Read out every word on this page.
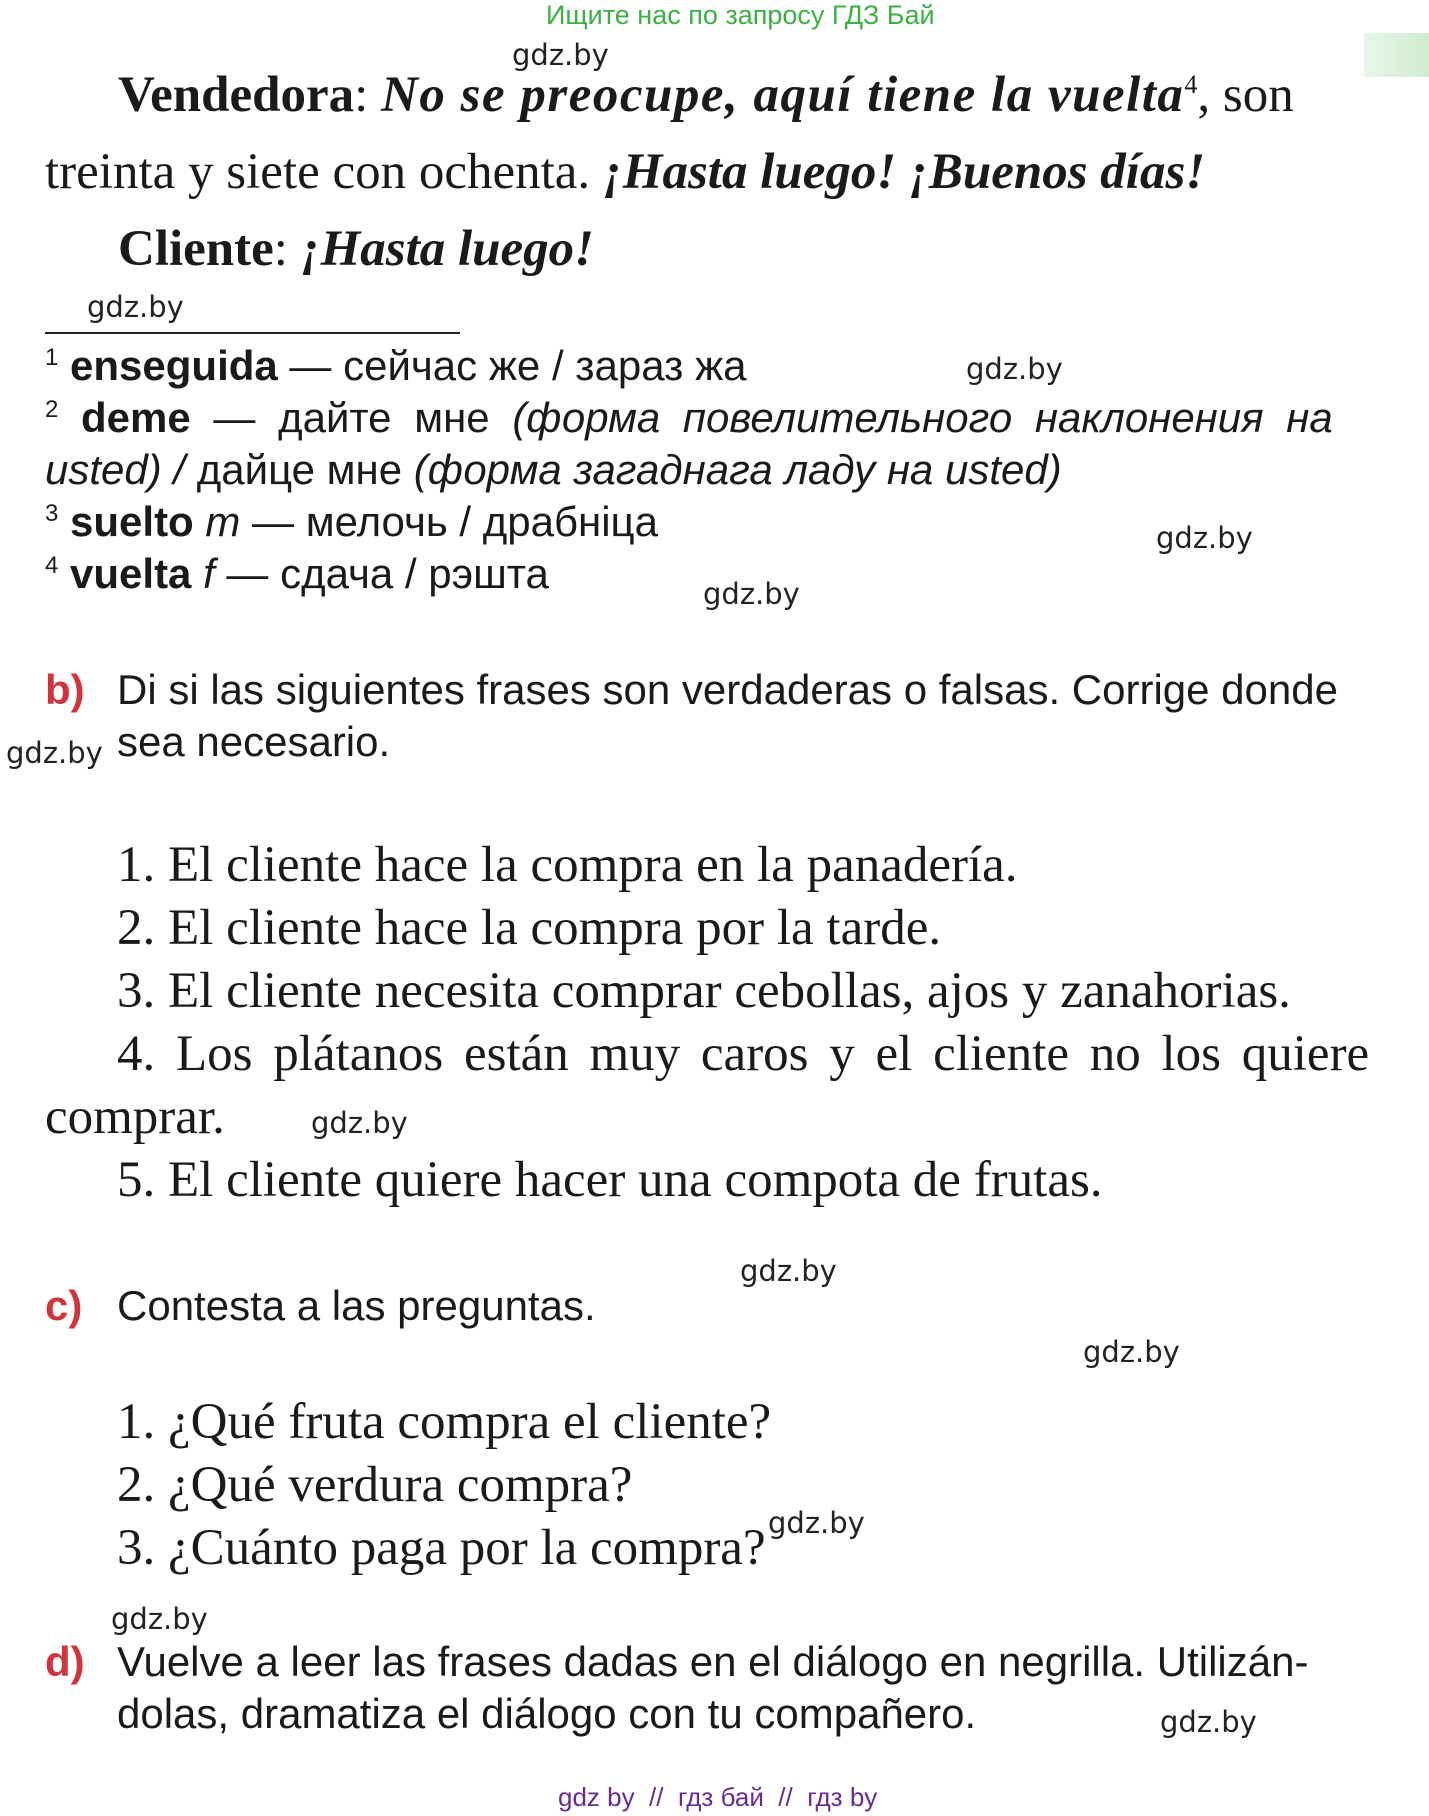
Ищите нас по запросу ГДЗ Бай
gdz.by
gdz.by
gdz.by
gdz.by
gdz.by
gdz.by
gdz.by
gdz.by
gdz.by
gdz.by
gdz.by
gdz.by
Vendedora: No se preocupe, aquí tiene la vuelta$^4$, son
treinta y siete con ochenta. ¡Hasta luego! ¡Buenos días!
Cliente: ¡Hasta luego!
$^1$ enseguida — сейчас же / зараз жа
$^2$ deme — дайте мне (форма повелительного наклонения на
usted) / дайце мне (форма загаднага ладу на usted)
$^3$ suelto m — мелочь / драбніца
$^4$ vuelta f — сдача / рэшта
b) Di si las siguientes frases son verdaderas o falsas. Corrige donde
sea necesario.
1. El cliente hace la compra en la panadería.
2. El cliente hace la compra por la tarde.
3. El cliente necesita comprar cebollas, ajos y zanahorias.
4. Los plátanos están muy caros y el cliente no los quiere
comprar.
5. El cliente quiere hacer una compota de frutas.
c) Contesta a las preguntas.
1. ¿Qué fruta compra el cliente?
2. ¿Qué verdura compra?
3. ¿Cuánto paga por la compra?
d) Vuelve a leer las frases dadas en el diálogo en negrilla. Utilizán-
dolas, dramatiza el diálogo con tu compañero.
gdz by  //  гдз бай  //  гдз by
